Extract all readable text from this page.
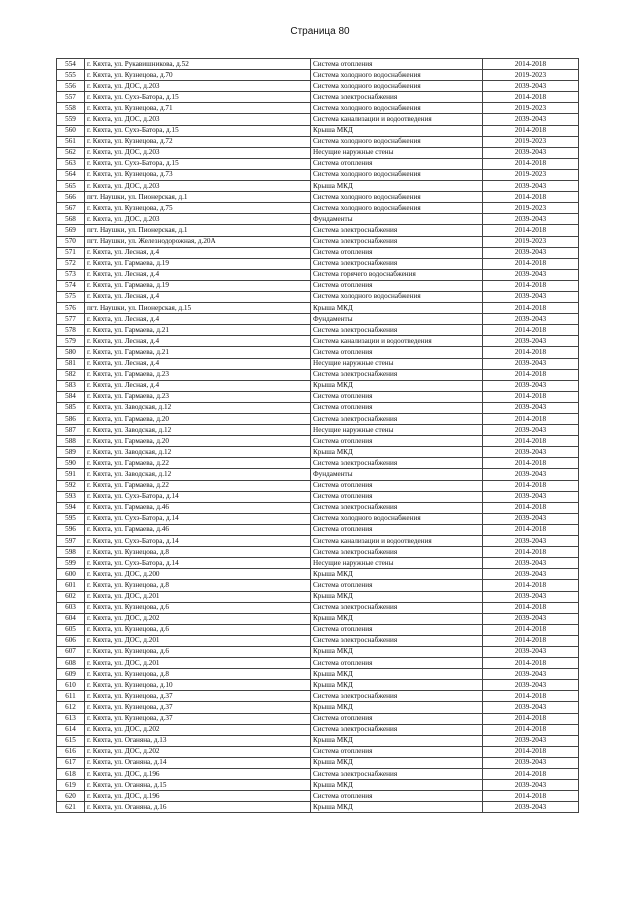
Страница 80
554	г. Кяхта, ул. Рукавишникова, д.52	Система отопления	2014-2018
555	г. Кяхта, ул. Кузнецова, д.70	Система холодного водоснабжения	2019-2023
556	г. Кяхта, ул. ДОС, д.203	Система холодного водоснабжения	2039-2043
557	г. Кяхта, ул. Сухэ-Батора, д.15	Система электроснабжения	2014-2018
558	г. Кяхта, ул. Кузнецова, д.71	Система холодного водоснабжения	2019-2023
559	г. Кяхта, ул. ДОС, д.203	Система канализации и водоотведения	2039-2043
560	г. Кяхта, ул. Сухэ-Батора, д.15	Крыша МКД	2014-2018
561	г. Кяхта, ул. Кузнецова, д.72	Система холодного водоснабжения	2019-2023
562	г. Кяхта, ул. ДОС, д.203	Несущие наружные стены	2039-2043
563	г. Кяхта, ул. Сухэ-Батора, д.15	Система отопления	2014-2018
564	г. Кяхта, ул. Кузнецова, д.73	Система холодного водоснабжения	2019-2023
565	г. Кяхта, ул. ДОС, д.203	Крыша МКД	2039-2043
566	пгт. Наушки, ул. Пионерская, д.1	Система холодного водоснабжения	2014-2018
567	г. Кяхта, ул. Кузнецова, д.75	Система холодного водоснабжения	2019-2023
568	г. Кяхта, ул. ДОС, д.203	Фундаменты	2039-2043
569	пгт. Наушки, ул. Пионерская, д.1	Система электроснабжения	2014-2018
570	пгт. Наушки, ул. Железнодорожная, д.20А	Система электроснабжения	2019-2023
571	г. Кяхта, ул. Лесная, д.4	Система отопления	2039-2043
572	г. Кяхта, ул. Гармаева, д.19	Система электроснабжения	2014-2018
573	г. Кяхта, ул. Лесная, д.4	Система горячего водоснабжения	2039-2043
574	г. Кяхта, ул. Гармаева, д.19	Система отопления	2014-2018
575	г. Кяхта, ул. Лесная, д.4	Система холодного водоснабжения	2039-2043
576	пгт. Наушки, ул. Пионерская, д.15	Крыша МКД	2014-2018
577	г. Кяхта, ул. Лесная, д.4	Фундаменты	2039-2043
578	г. Кяхта, ул. Гармаева, д.21	Система электроснабжения	2014-2018
579	г. Кяхта, ул. Лесная, д.4	Система канализации и водоотведения	2039-2043
580	г. Кяхта, ул. Гармаева, д.21	Система отопления	2014-2018
581	г. Кяхта, ул. Лесная, д.4	Несущие наружные стены	2039-2043
582	г. Кяхта, ул. Гармаева, д.23	Система электроснабжения	2014-2018
583	г. Кяхта, ул. Лесная, д.4	Крыша МКД	2039-2043
584	г. Кяхта, ул. Гармаева, д.23	Система отопления	2014-2018
585	г. Кяхта, ул. Заводская, д.12	Система отопления	2039-2043
586	г. Кяхта, ул. Гармаева, д.20	Система электроснабжения	2014-2018
587	г. Кяхта, ул. Заводская, д.12	Несущие наружные стены	2039-2043
588	г. Кяхта, ул. Гармаева, д.20	Система отопления	2014-2018
589	г. Кяхта, ул. Заводская, д.12	Крыша МКД	2039-2043
590	г. Кяхта, ул. Гармаева, д.22	Система электроснабжения	2014-2018
591	г. Кяхта, ул. Заводская, д.12	Фундаменты	2039-2043
592	г. Кяхта, ул. Гармаева, д.22	Система отопления	2014-2018
593	г. Кяхта, ул. Сухэ-Батора, д.14	Система отопления	2039-2043
594	г. Кяхта, ул. Гармаева, д.46	Система электроснабжения	2014-2018
595	г. Кяхта, ул. Сухэ-Батора, д.14	Система холодного водоснабжения	2039-2043
596	г. Кяхта, ул. Гармаева, д.46	Система отопления	2014-2018
597	г. Кяхта, ул. Сухэ-Батора, д.14	Система канализации и водоотведения	2039-2043
598	г. Кяхта, ул. Кузнецова, д.8	Система электроснабжения	2014-2018
599	г. Кяхта, ул. Сухэ-Батора, д.14	Несущие наружные стены	2039-2043
600	г. Кяхта, ул. ДОС, д.200	Крыша МКД	2039-2043
601	г. Кяхта, ул. Кузнецова, д.8	Система отопления	2014-2018
602	г. Кяхта, ул. ДОС, д.201	Крыша МКД	2039-2043
603	г. Кяхта, ул. Кузнецова, д.6	Система электроснабжения	2014-2018
604	г. Кяхта, ул. ДОС, д.202	Крыша МКД	2039-2043
605	г. Кяхта, ул. Кузнецова, д.6	Система отопления	2014-2018
606	г. Кяхта, ул. ДОС, д.201	Система электроснабжения	2014-2018
607	г. Кяхта, ул. Кузнецова, д.6	Крыша МКД	2039-2043
608	г. Кяхта, ул. ДОС, д.201	Система отопления	2014-2018
609	г. Кяхта, ул. Кузнецова, д.8	Крыша МКД	2039-2043
610	г. Кяхта, ул. Кузнецова, д.10	Крыша МКД	2039-2043
611	г. Кяхта, ул. Кузнецова, д.37	Система электроснабжения	2014-2018
612	г. Кяхта, ул. Кузнецова, д.37	Крыша МКД	2039-2043
613	г. Кяхта, ул. Кузнецова, д.37	Система отопления	2014-2018
614	г. Кяхта, ул. ДОС, д.202	Система электроснабжения	2014-2018
615	г. Кяхта, ул. Оганяна, д.13	Крыша МКД	2039-2043
616	г. Кяхта, ул. ДОС, д.202	Система отопления	2014-2018
617	г. Кяхта, ул. Оганяна, д.14	Крыша МКД	2039-2043
618	г. Кяхта, ул. ДОС, д.196	Система электроснабжения	2014-2018
619	г. Кяхта, ул. Оганяна, д.15	Крыша МКД	2039-2043
620	г. Кяхта, ул. ДОС, д.196	Система отопления	2014-2018
621	г. Кяхта, ул. Оганяна, д.16	Крыша МКД	2039-2043
